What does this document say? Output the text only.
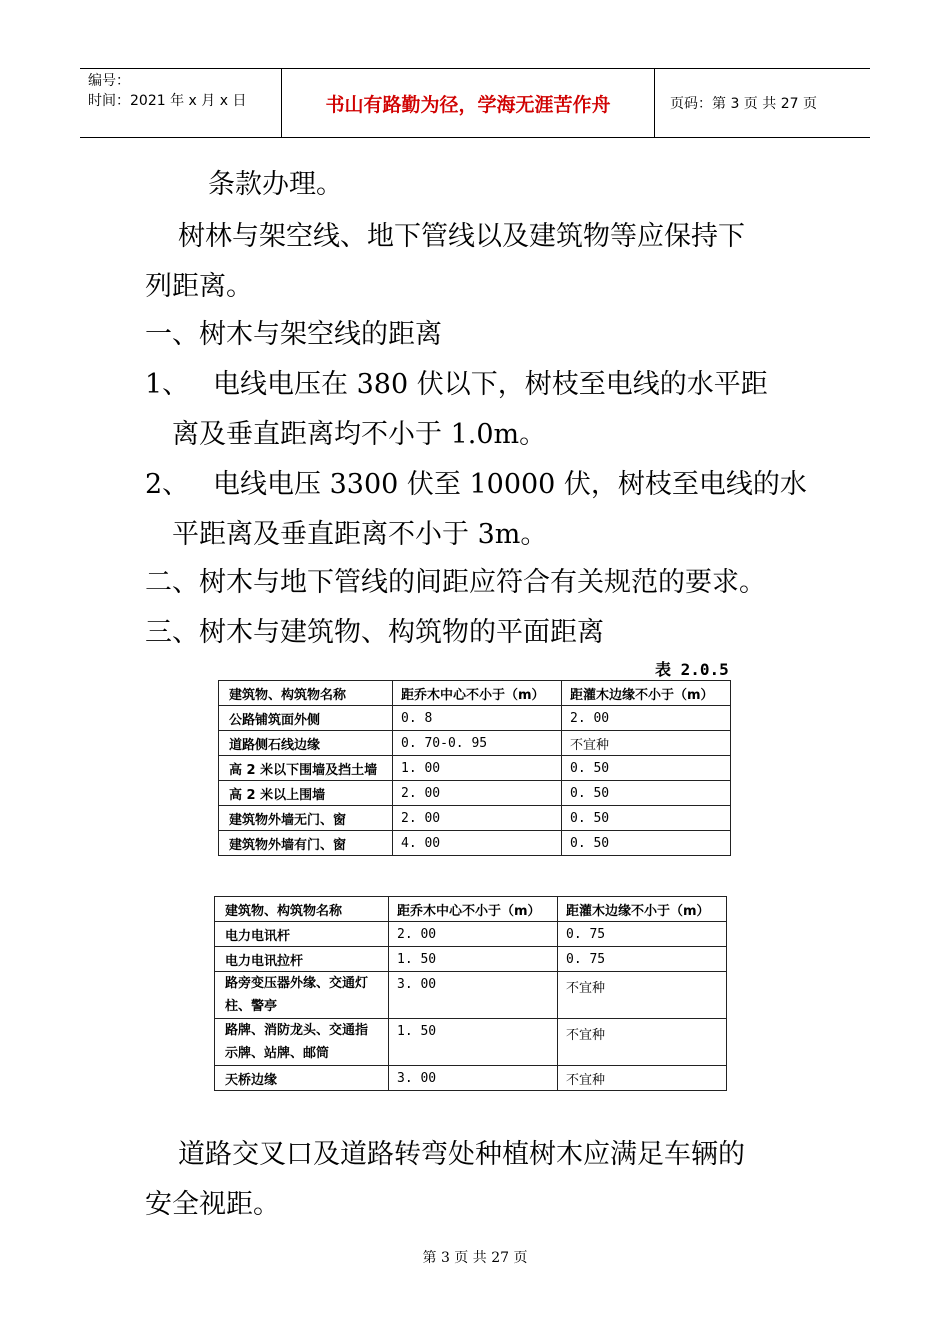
编号：
时间：2021 年 x 月 x 日	书山有路勤为径，学海无涯苦作舟	页码：第 3 页 共 27 页
条款办理。
树林与架空线、地下管线以及建筑物等应保持下
列距离。
一、树木与架空线的距离
1、 电线电压在 380 伏以下，树枝至电线的水平距
离及垂直距离均不小于 1.0m。
2、 电线电压 3300 伏至 10000 伏，树枝至电线的水
平距离及垂直距离不小于 3m。
二、树木与地下管线的间距应符合有关规范的要求。
三、树木与建筑物、构筑物的平面距离
表 2.0.5
建筑物、构筑物名称	距乔木中心不小于（m）	距灌木边缘不小于（m）
公路铺筑面外侧	0. 8	2. 00
道路侧石线边缘	0. 70-0. 95	不宜种
高 2 米以下围墙及挡土墙	1. 00	0. 50
高 2 米以上围墙	2. 00	0. 50
建筑物外墙无门、窗	2. 00	0. 50
建筑物外墙有门、窗	4. 00	0. 50
建筑物、构筑物名称	距乔木中心不小于（m）	距灌木边缘不小于（m）
电力电讯杆	2. 00	0. 75
电力电讯拉杆	1. 50	0. 75
路旁变压器外缘、交通灯柱、警亭	3. 00	不宜种
路牌、消防龙头、交通指示牌、站牌、邮筒	1. 50	不宜种
天桥边缘	3. 00	不宜种
道路交叉口及道路转弯处种植树木应满足车辆的
安全视距。
第 3 页 共 27 页
